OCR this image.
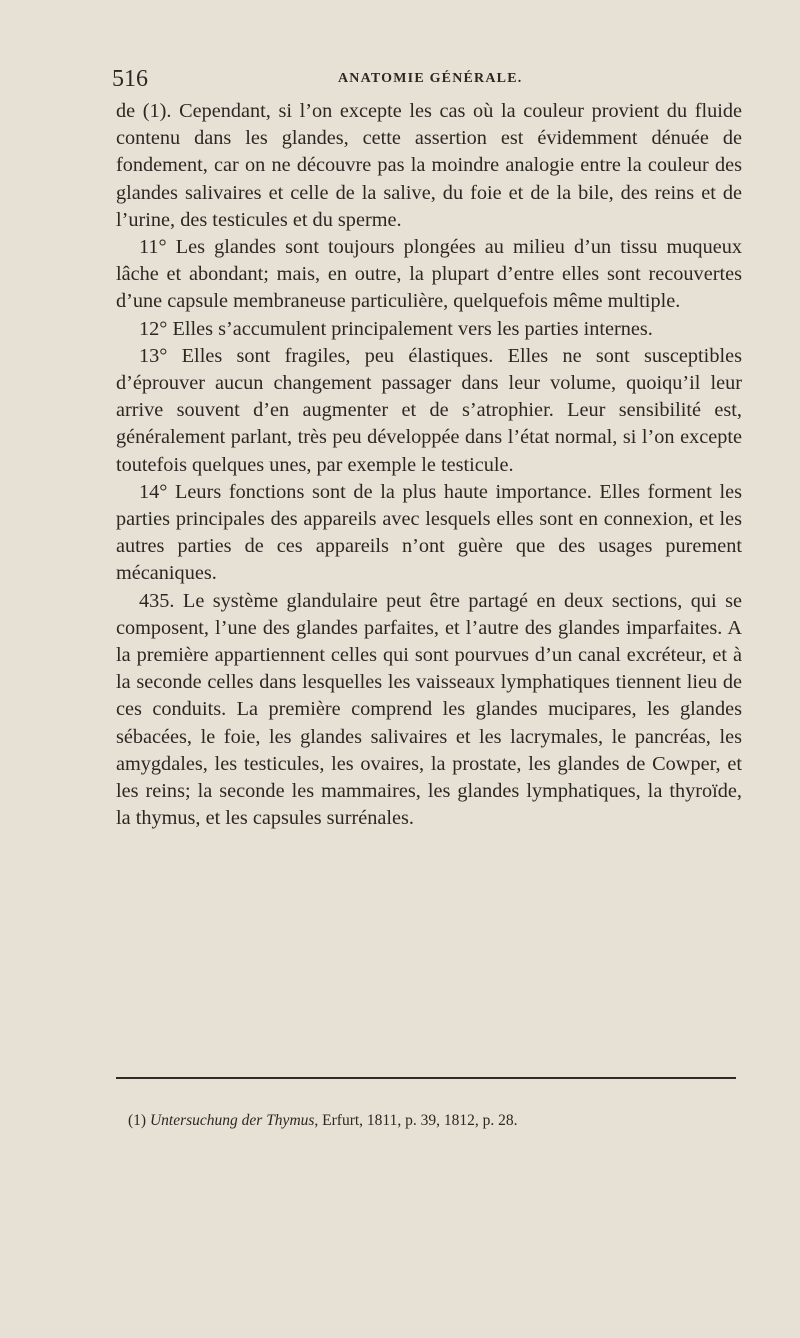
516	ANATOMIE GÉNÉRALE.

de (1). Cependant, si l’on excepte les cas où la couleur provient du fluide contenu dans les glandes, cette assertion est évidemment dénuée de fondement, car on ne découvre pas la moindre analogie entre la couleur des glandes salivaires et celle de la salive, du foie et de la bile, des reins et de l’urine, des testicules et du sperme.

11° Les glandes sont toujours plongées au milieu d’un tissu muqueux lâche et abondant; mais, en outre, la plupart d’entre elles sont recouvertes d’une capsule membraneuse particulière, quelquefois même multiple.

12° Elles s’accumulent principalement vers les parties internes.

13° Elles sont fragiles, peu élastiques. Elles ne sont susceptibles d’éprouver aucun changement passager dans leur volume, quoiqu’il leur arrive souvent d’en augmenter et de s’atrophier. Leur sensibilité est, généralement parlant, très peu développée dans l’état normal, si l’on excepte toutefois quelques unes, par exemple le testicule.

14° Leurs fonctions sont de la plus haute importance. Elles forment les parties principales des appareils avec lesquels elles sont en connexion, et les autres parties de ces appareils n’ont guère que des usages purement mécaniques.

435. Le système glandulaire peut être partagé en deux sections, qui se composent, l’une des glandes parfaites, et l’autre des glandes imparfaites. A la première appartiennent celles qui sont pourvues d’un canal excréteur, et à la seconde celles dans lesquelles les vaisseaux lymphatiques tiennent lieu de ces conduits. La première comprend les glandes mucipares, les glandes sébacées, le foie, les glandes salivaires et les lacrymales, le pancréas, les amygdales, les testicules, les ovaires, la prostate, les glandes de Cowper, et les reins; la seconde les mammaires, les glandes lymphatiques, la thyroïde, la thymus, et les capsules surrénales.

(1) Untersuchung der Thymus, Erfurt, 1811, p. 39, 1812, p. 28.
